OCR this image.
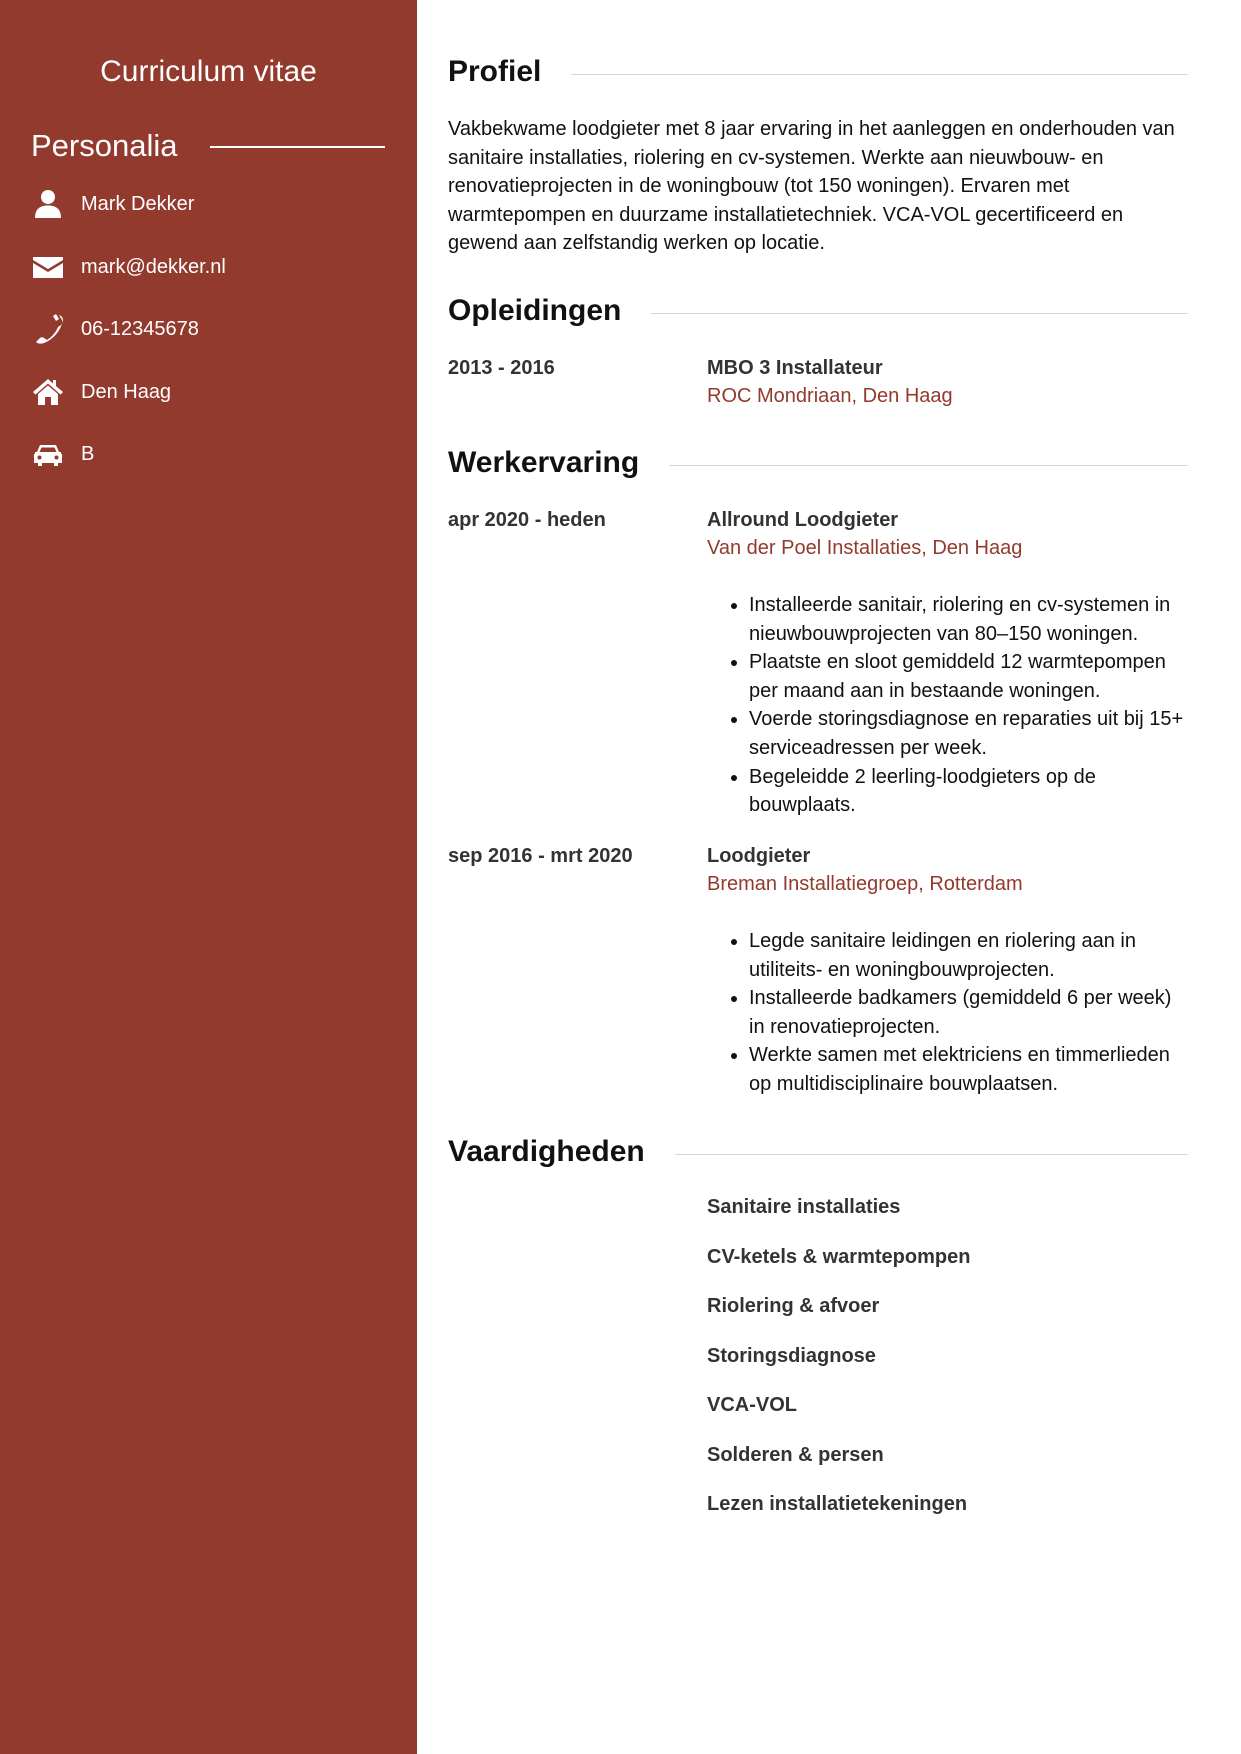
Curriculum vitae
Personalia
Mark Dekker
mark@dekker.nl
06-12345678
Den Haag
B
Profiel

Vakbekwame loodgieter met 8 jaar ervaring in het aanleggen en onderhouden van sanitaire installaties, riolering en cv-systemen. Werkte aan nieuwbouw- en renovatieprojecten in de woningbouw (tot 150 woningen). Ervaren met warmtepompen en duurzame installatietechniek. VCA-VOL gecertificeerd en gewend aan zelfstandig werken op locatie.

Opleidingen
2013 - 2016	MBO 3 Installateur
ROC Mondriaan, Den Haag
Werkervaring
apr 2020 - heden	Allround Loodgieter
Van der Poel Installaties, Den Haag
• Installeerde sanitair, riolering en cv-systemen in nieuwbouwprojecten van 80–150 woningen.
• Plaatste en sloot gemiddeld 12 warmtepompen per maand aan in bestaande woningen.
• Voerde storingsdiagnose en reparaties uit bij 15+ serviceadressen per week.
• Begeleidde 2 leerling-loodgieters op de bouwplaats.
sep 2016 - mrt 2020	Loodgieter
Breman Installatiegroep, Rotterdam
• Legde sanitaire leidingen en riolering aan in utiliteits- en woningbouwprojecten.
• Installeerde badkamers (gemiddeld 6 per week) in renovatieprojecten.
• Werkte samen met elektriciens en timmerlieden op multidisciplinaire bouwplaatsen.
Vaardigheden
Sanitaire installaties
CV-ketels & warmtepompen
Riolering & afvoer
Storingsdiagnose
VCA-VOL
Solderen & persen
Lezen installatietekeningen
